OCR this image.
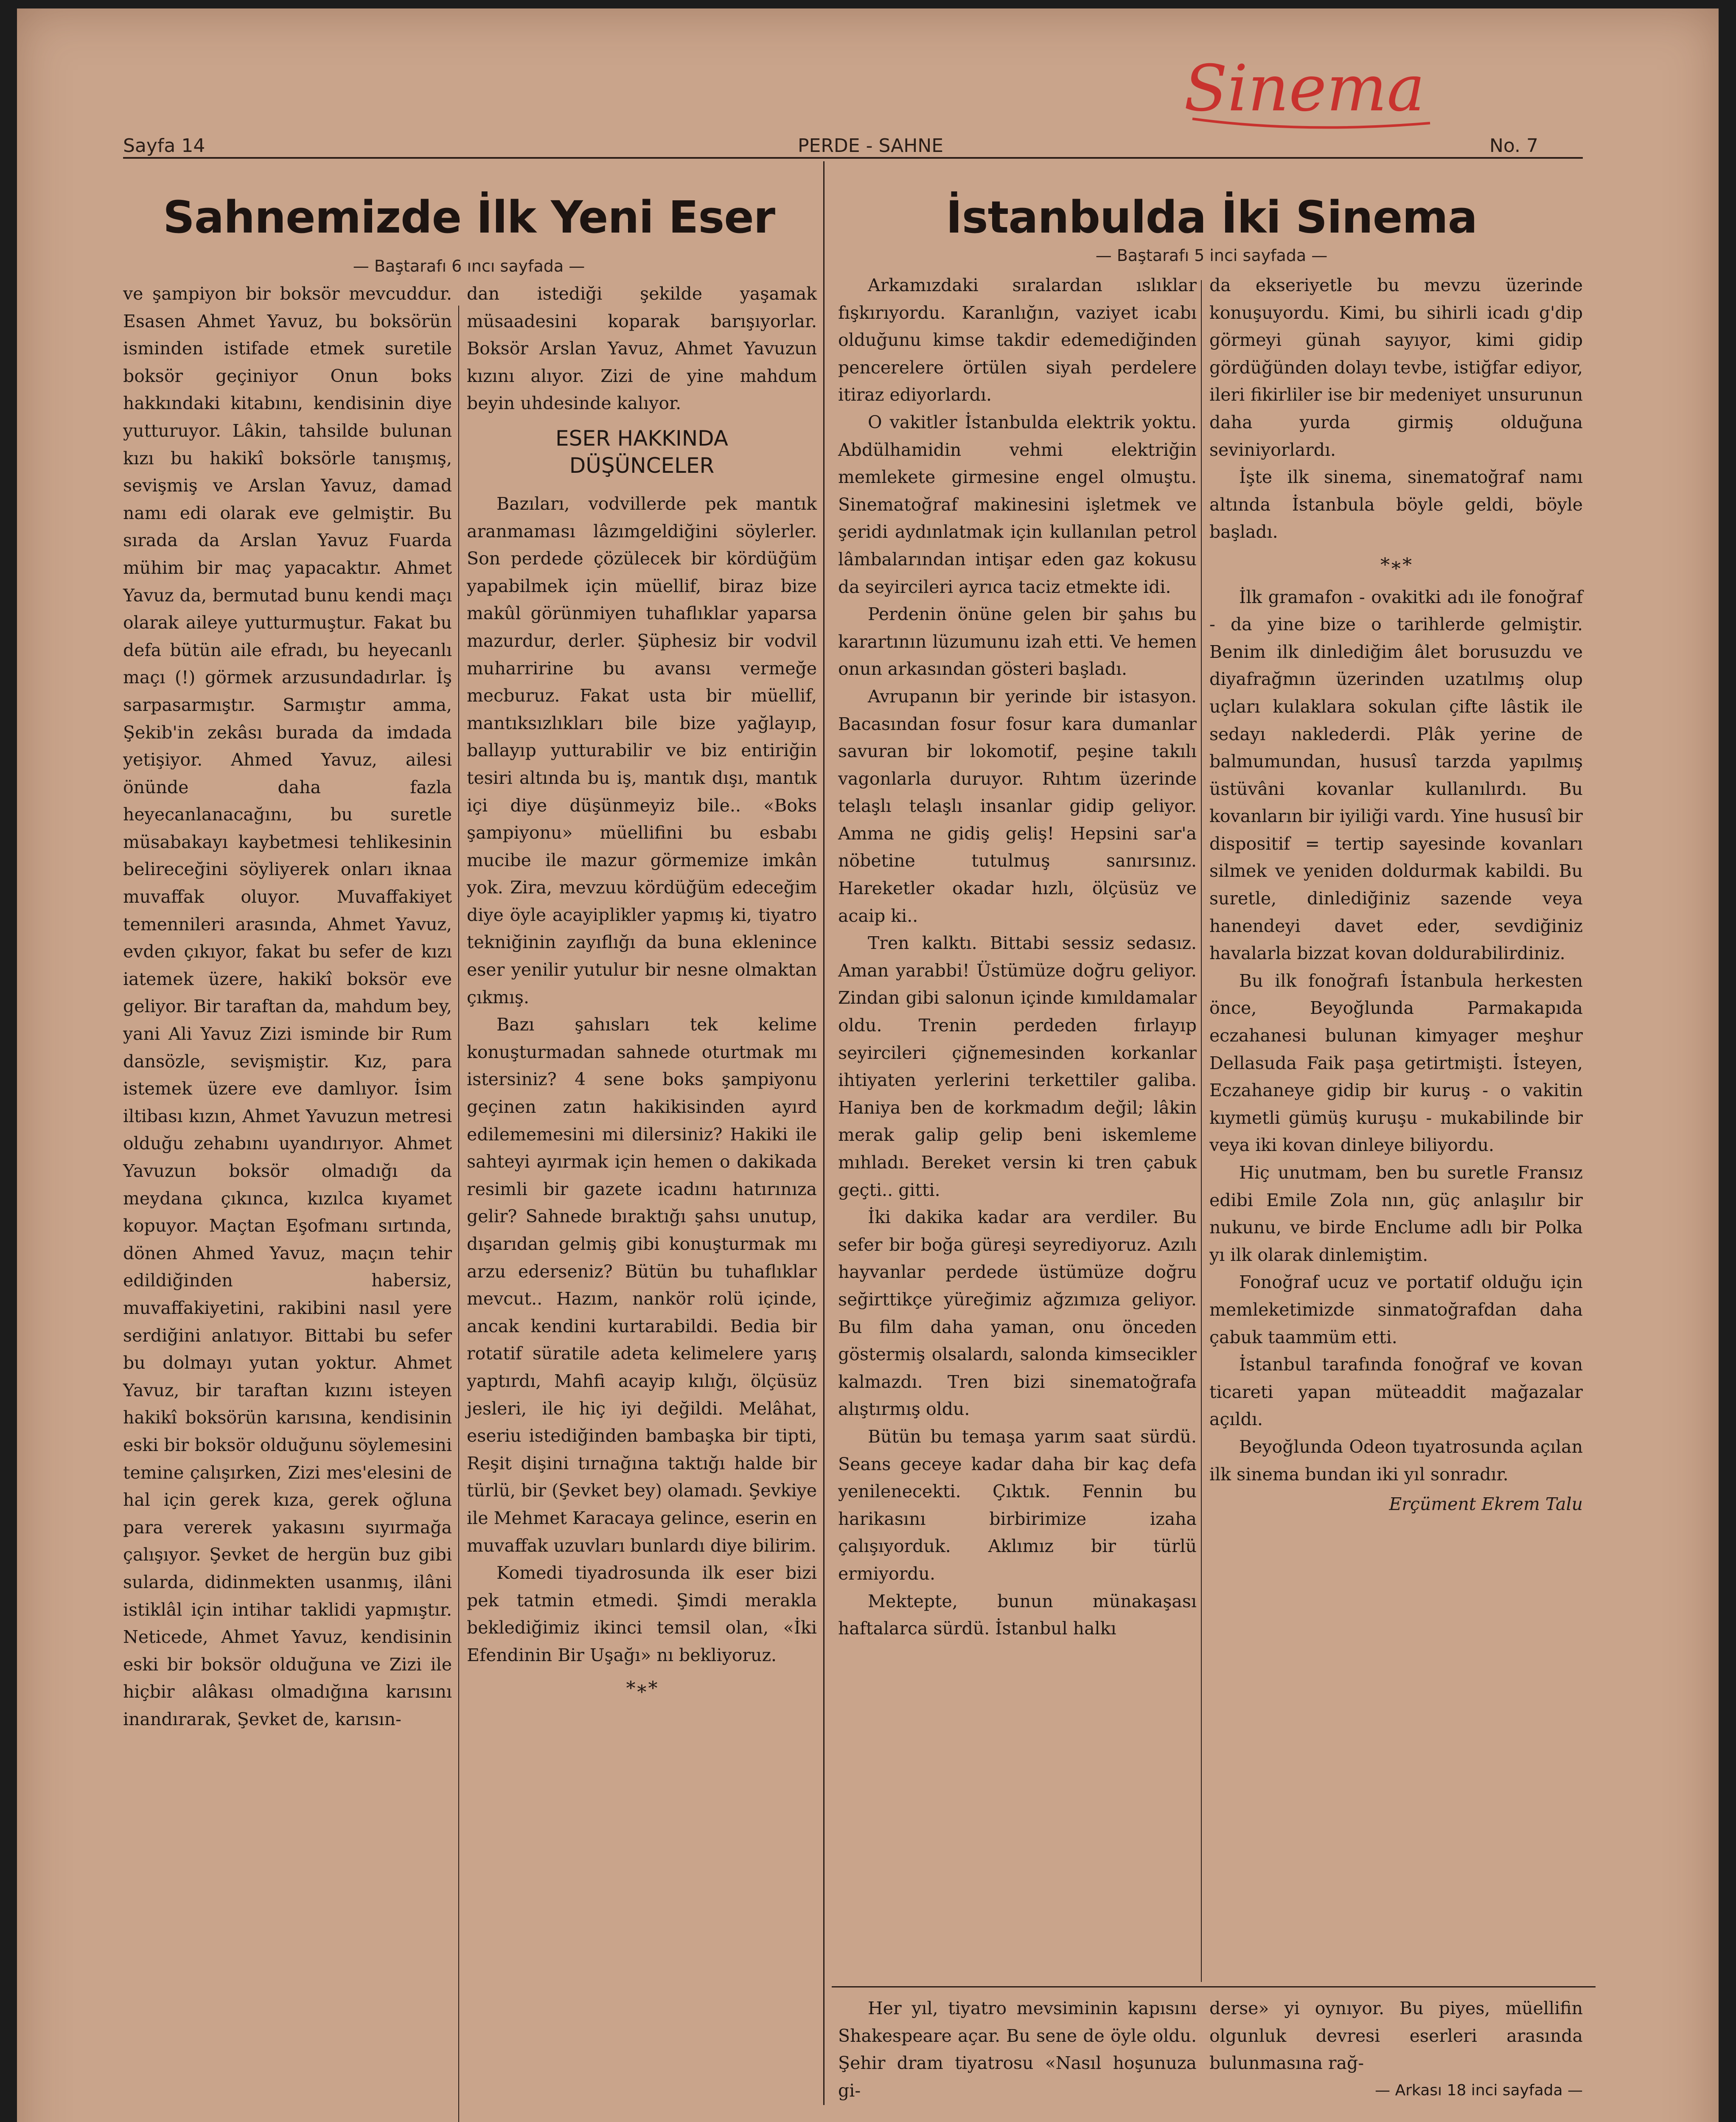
Sinema
Sayfa 14	PERDE - SAHNE	No. 7
Sahnemizde İlk Yeni Eser
— Baştarafı 6 ıncı sayfada —

ve şampiyon bir boksör mevcuddur. Esasen Ahmet Yavuz, bu boksörün isminden istifade etmek suretile boksör geçiniyor Onun boks hakkındaki kitabını, kendisinin diye yutturuyor. Lâkin, tahsilde bulunan kızı bu hakikî boksörle tanışmış, sevişmiş ve Arslan Yavuz, damad namı edi olarak eve gelmiştir. Bu sırada da Arslan Yavuz Fuarda mühim bir maç yapacaktır. Ahmet Yavuz da, bermutad bunu kendi maçı olarak aileye yutturmuştur. Fakat bu defa bütün aile efradı, bu heyecanlı maçı (!) görmek arzusundadırlar. İş sarpasarmıştır. Sarmıştır amma, Şekib'in zekâsı burada da imdada yetişiyor. Ahmed Yavuz, ailesi önünde daha fazla heyecanlanacağını, bu suretle müsabakayı kaybetmesi tehlikesinin belireceğini söyliyerek onları iknaa muvaffak oluyor. Muvaffakiyet temennileri arasında, Ahmet Yavuz, evden çıkıyor, fakat bu sefer de kızı iatemek üzere, hakikî boksör eve geliyor. Bir taraftan da, mahdum bey, yani Ali Yavuz Zizi isminde bir Rum dansözle, sevişmiştir. Kız, para istemek üzere eve damlıyor. İsim iltibası kızın, Ahmet Yavuzun metresi olduğu zehabını uyandırıyor. Ahmet Yavuzun boksör olmadığı da meydana çıkınca, kızılca kıyamet kopuyor. Maçtan Eşofmanı sırtında, dönen Ahmed Yavuz, maçın tehir edildiğinden habersiz, muvaffakiyetini, rakibini nasıl yere serdiğini anlatıyor. Bittabi bu sefer bu dolmayı yutan yoktur. Ahmet Yavuz, bir taraftan kızını isteyen hakikî boksörün karısına, kendisinin eski bir boksör olduğunu söylemesini temine çalışırken, Zizi mes'elesini de hal için gerek kıza, gerek oğluna para vererek yakasını sıyırmağa çalışıyor. Şevket de hergün buz gibi sularda, didinmekten usanmış, ilâni istiklâl için intihar taklidi yapmıştır. Neticede, Ahmet Yavuz, kendisinin eski bir boksör olduğuna ve Zizi ile hiçbir alâkası olmadığına karısını inandırarak, Şevket de, karısın-

dan istediği şekilde yaşamak müsaadesini koparak barışıyorlar. Boksör Arslan Yavuz, Ahmet Yavuzun kızını alıyor. Zizi de yine mahdum beyin uhdesinde kalıyor.

ESER HAKKINDA
DÜŞÜNCELER

Bazıları, vodvillerde pek mantık aranmaması lâzımgeldiğini söylerler. Son perdede çözülecek bir kördüğüm yapabilmek için müellif, biraz bize makûl görünmiyen tuhaflıklar yaparsa mazurdur, derler. Şüphesiz bir vodvil muharririne bu avansı vermeğe mecburuz. Fakat usta bir müellif, mantıksızlıkları bile bize yağlayıp, ballayıp yutturabilir ve biz entiriğin tesiri altında bu iş, mantık dışı, mantık içi diye düşünmeyiz bile.. «Boks şampiyonu» müellifini bu esbabı mucibe ile mazur görmemize imkân yok. Zira, mevzuu kördüğüm edeceğim diye öyle acayiplikler yapmış ki, tiyatro tekniğinin zayıflığı da buna eklenince eser yenilir yutulur bir nesne olmaktan çıkmış.

Bazı şahısları tek kelime konuşturmadan sahnede oturtmak mı istersiniz? 4 sene boks şampiyonu geçinen zatın hakikisinden ayırd edilememesini mi dilersiniz? Hakiki ile sahteyi ayırmak için hemen o dakikada resimli bir gazete icadını hatırınıza gelir? Sahnede bıraktığı şahsı unutup, dışarıdan gelmiş gibi konuşturmak mı arzu ederseniz? Bütün bu tuhaflıklar mevcut.. Hazım, nankör rolü içinde, ancak kendini kurtarabildi. Bedia bir rotatif süratile adeta kelimelere yarış yaptırdı, Mahfi acayip kılığı, ölçüsüz jesleri, ile hiç iyi değildi. Melâhat, eseriu istediğinden bambaşka bir tipti, Reşit dişini tırnağına taktığı halde bir türlü, bir (Şevket bey) olamadı. Şevkiye ile Mehmet Karacaya gelince, eserin en muvaffak uzuvları bunlardı diye bilirim.

Komedi tiyadrosunda ilk eser bizi pek tatmin etmedi. Şimdi merakla beklediğimiz ikinci temsil olan, «İki Efendinin Bir Uşağı» nı bekliyoruz.

*∗*
İstanbulda İki Sinema
— Baştarafı 5 inci sayfada —

Arkamızdaki sıralardan ıslıklar fışkırıyordu. Karanlığın, vaziyet icabı olduğunu kimse takdir edemediğinden pencerelere örtülen siyah perdelere itiraz ediyorlardı.

O vakitler İstanbulda elektrik yoktu. Abdülhamidin vehmi elektriğin memlekete girmesine engel olmuştu. Sinematoğraf makinesini işletmek ve şeridi aydınlatmak için kullanılan petrol lâmbalarından intişar eden gaz kokusu da seyircileri ayrıca taciz etmekte idi.

Perdenin önüne gelen bir şahıs bu karartının lüzumunu izah etti. Ve hemen onun arkasından gösteri başladı.

Avrupanın bir yerinde bir istasyon. Bacasından fosur fosur kara dumanlar savuran bir lokomotif, peşine takılı vagonlarla duruyor. Rıhtım üzerinde telaşlı telaşlı insanlar gidip geliyor. Amma ne gidiş geliş! Hepsini sar'a nöbetine tutulmuş sanırsınız. Hareketler okadar hızlı, ölçüsüz ve acaip ki..

Tren kalktı. Bittabi sessiz sedasız. Aman yarabbi! Üstümüze doğru geliyor. Zindan gibi salonun içinde kımıldamalar oldu. Trenin perdeden fırlayıp seyircileri çiğnemesinden korkanlar ihtiyaten yerlerini terkettiler galiba. Haniya ben de korkmadım değil; lâkin merak galip gelip beni iskemleme mıhladı. Bereket versin ki tren çabuk geçti.. gitti.

İki dakika kadar ara verdiler. Bu sefer bir boğa güreşi seyrediyoruz. Azılı hayvanlar perdede üstümüze doğru seğirttikçe yüreğimiz ağzımıza geliyor. Bu film daha yaman, onu önceden göstermiş olsalardı, salonda kimsecikler kalmazdı. Tren bizi sinematoğrafa alıştırmış oldu.

Bütün bu temaşa yarım saat sürdü. Seans geceye kadar daha bir kaç defa yenilenecekti. Çıktık. Fennin bu harikasını birbirimize izaha çalışıyorduk. Aklımız bir türlü ermiyordu.

Mektepte, bunun münakaşası haftalarca sürdü. İstanbul halkı

da ekseriyetle bu mevzu üzerinde konuşuyordu. Kimi, bu sihirli icadı g'dip görmeyi günah sayıyor, kimi gidip gördüğünden dolayı tevbe, istiğfar ediyor, ileri fikirliler ise bir medeniyet unsurunun daha yurda girmiş olduğuna seviniyorlardı.

İşte ilk sinema, sinematoğraf namı altında İstanbula böyle geldi, böyle başladı.

*∗*

İlk gramafon - ovakitki adı ile fonoğraf - da yine bize o tarihlerde gelmiştir. Benim ilk dinlediğim âlet borusuzdu ve diyafrağmın üzerinden uzatılmış olup uçları kulaklara sokulan çifte lâstik ile sedayı naklederdi. Plâk yerine de balmumundan, hususî tarzda yapılmış üstüvâni kovanlar kullanılırdı. Bu kovanların bir iyiliği vardı. Yine hususî bir dispositif = tertip sayesinde kovanları silmek ve yeniden doldurmak kabildi. Bu suretle, dinlediğiniz sazende veya hanendeyi davet eder, sevdiğiniz havalarla bizzat kovan doldurabilirdiniz.

Bu ilk fonoğrafı İstanbula herkesten önce, Beyoğlunda Parmakapıda eczahanesi bulunan kimyager meşhur Dellasuda Faik paşa getirtmişti. İsteyen, Eczahaneye gidip bir kuruş - o vakitin kıymetli gümüş kuruşu - mukabilinde bir veya iki kovan dinleye biliyordu.

Hiç unutmam, ben bu suretle Fransız edibi Emile Zola nın, güç anlaşılır bir nukunu, ve birde Enclume adlı bir Polka yı ilk olarak dinlemiştim.

Fonoğraf ucuz ve portatif olduğu için memleketimizde sinmatoğrafdan daha çabuk taammüm etti.

İstanbul tarafında fonoğraf ve kovan ticareti yapan müteaddit mağazalar açıldı.

Beyoğlunda Odeon tıyatrosunda açılan ilk sinema bundan iki yıl sonradır.

Erçüment Ekrem Talu

Her yıl, tiyatro mevsiminin kapısını Shakespeare açar. Bu sene de öyle oldu. Şehir dram tiyatrosu «Nasıl hoşunuza gi-

derse» yi oynıyor. Bu piyes, müellifin olgunluk devresi eserleri arasında bulunmasına rağ-

— Arkası 18 inci sayfada —
